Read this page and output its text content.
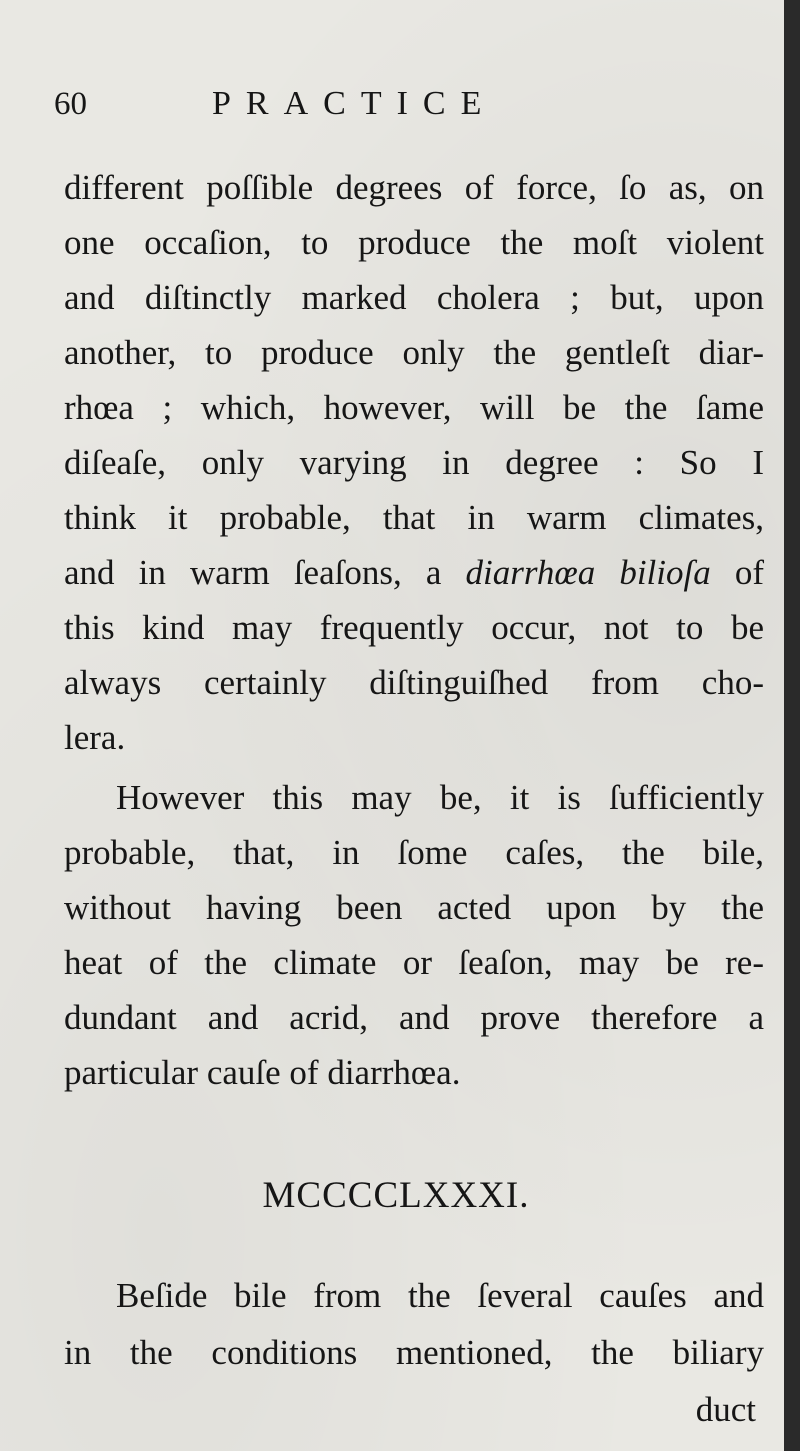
60	PRACTICE
different poſſible degrees of force, ſo as, on
one occaſion, to produce the moſt violent
and diſtinctly marked cholera ; but, upon
another, to produce only the gentleſt diar-
rhœa ; which, however, will be the ſame
diſeaſe, only varying in degree : So I
think it probable, that in warm climates,
and in warm ſeaſons, a diarrhœa bilioſa of
this kind may frequently occur, not to be
always certainly diſtinguiſhed from cho-
lera.
However this may be, it is ſufficiently
probable, that, in ſome caſes, the bile,
without having been acted upon by the
heat of the climate or ſeaſon, may be re-
dundant and acrid, and prove therefore a
particular cauſe of diarrhœa.
MCCCCLXXXI.
Beſide bile from the ſeveral cauſes and
in the conditions mentioned, the biliary
duct
